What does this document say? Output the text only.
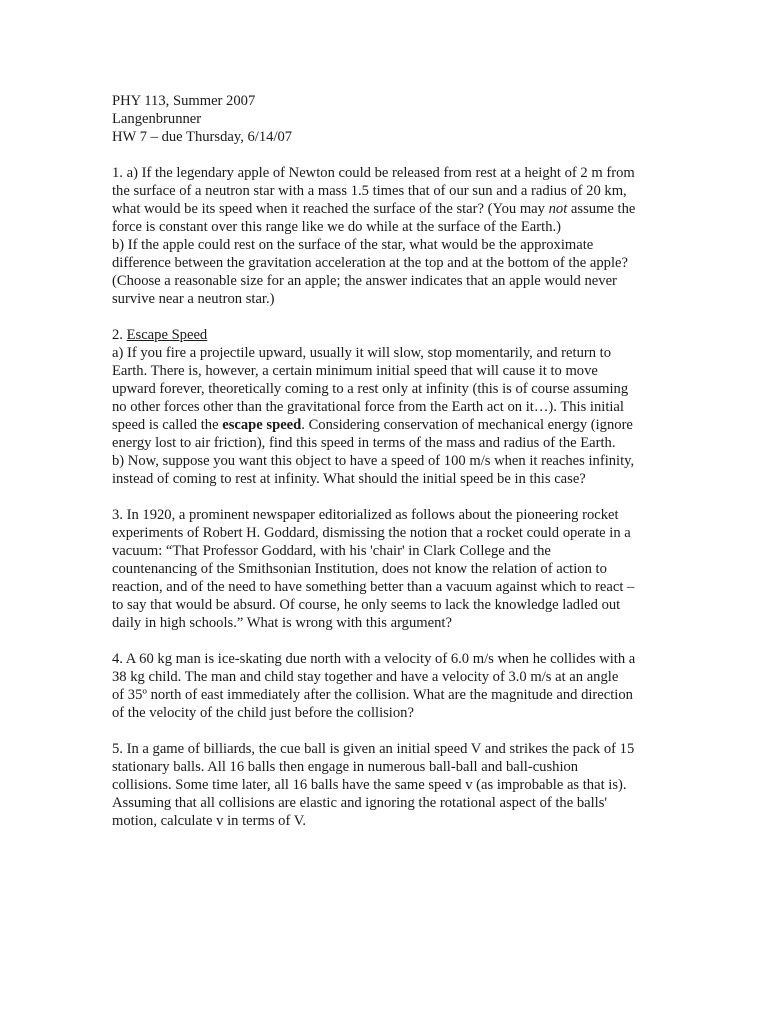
PHY 113, Summer 2007
Langenbrunner
HW 7 – due Thursday, 6/14/07
1. a) If the legendary apple of Newton could be released from rest at a height of 2 m from
the surface of a neutron star with a mass 1.5 times that of our sun and a radius of 20 km,
what would be its speed when it reached the surface of the star? (You may not assume the
force is constant over this range like we do while at the surface of the Earth.)
b) If the apple could rest on the surface of the star, what would be the approximate
difference between the gravitation acceleration at the top and at the bottom of the apple?
(Choose a reasonable size for an apple; the answer indicates that an apple would never
survive near a neutron star.)
2. Escape Speed
a) If you fire a projectile upward, usually it will slow, stop momentarily, and return to
Earth. There is, however, a certain minimum initial speed that will cause it to move
upward forever, theoretically coming to a rest only at infinity (this is of course assuming
no other forces other than the gravitational force from the Earth act on it…). This initial
speed is called the escape speed. Considering conservation of mechanical energy (ignore
energy lost to air friction), find this speed in terms of the mass and radius of the Earth.
b) Now, suppose you want this object to have a speed of 100 m/s when it reaches infinity,
instead of coming to rest at infinity. What should the initial speed be in this case?
3. In 1920, a prominent newspaper editorialized as follows about the pioneering rocket
experiments of Robert H. Goddard, dismissing the notion that a rocket could operate in a
vacuum: “That Professor Goddard, with his 'chair' in Clark College and the
countenancing of the Smithsonian Institution, does not know the relation of action to
reaction, and of the need to have something better than a vacuum against which to react –
to say that would be absurd. Of course, he only seems to lack the knowledge ladled out
daily in high schools.” What is wrong with this argument?
4. A 60 kg man is ice-skating due north with a velocity of 6.0 m/s when he collides with a
38 kg child. The man and child stay together and have a velocity of 3.0 m/s at an angle
of 35º north of east immediately after the collision. What are the magnitude and direction
of the velocity of the child just before the collision?
5. In a game of billiards, the cue ball is given an initial speed V and strikes the pack of 15
stationary balls. All 16 balls then engage in numerous ball-ball and ball-cushion
collisions. Some time later, all 16 balls have the same speed v (as improbable as that is).
Assuming that all collisions are elastic and ignoring the rotational aspect of the balls'
motion, calculate v in terms of V.
